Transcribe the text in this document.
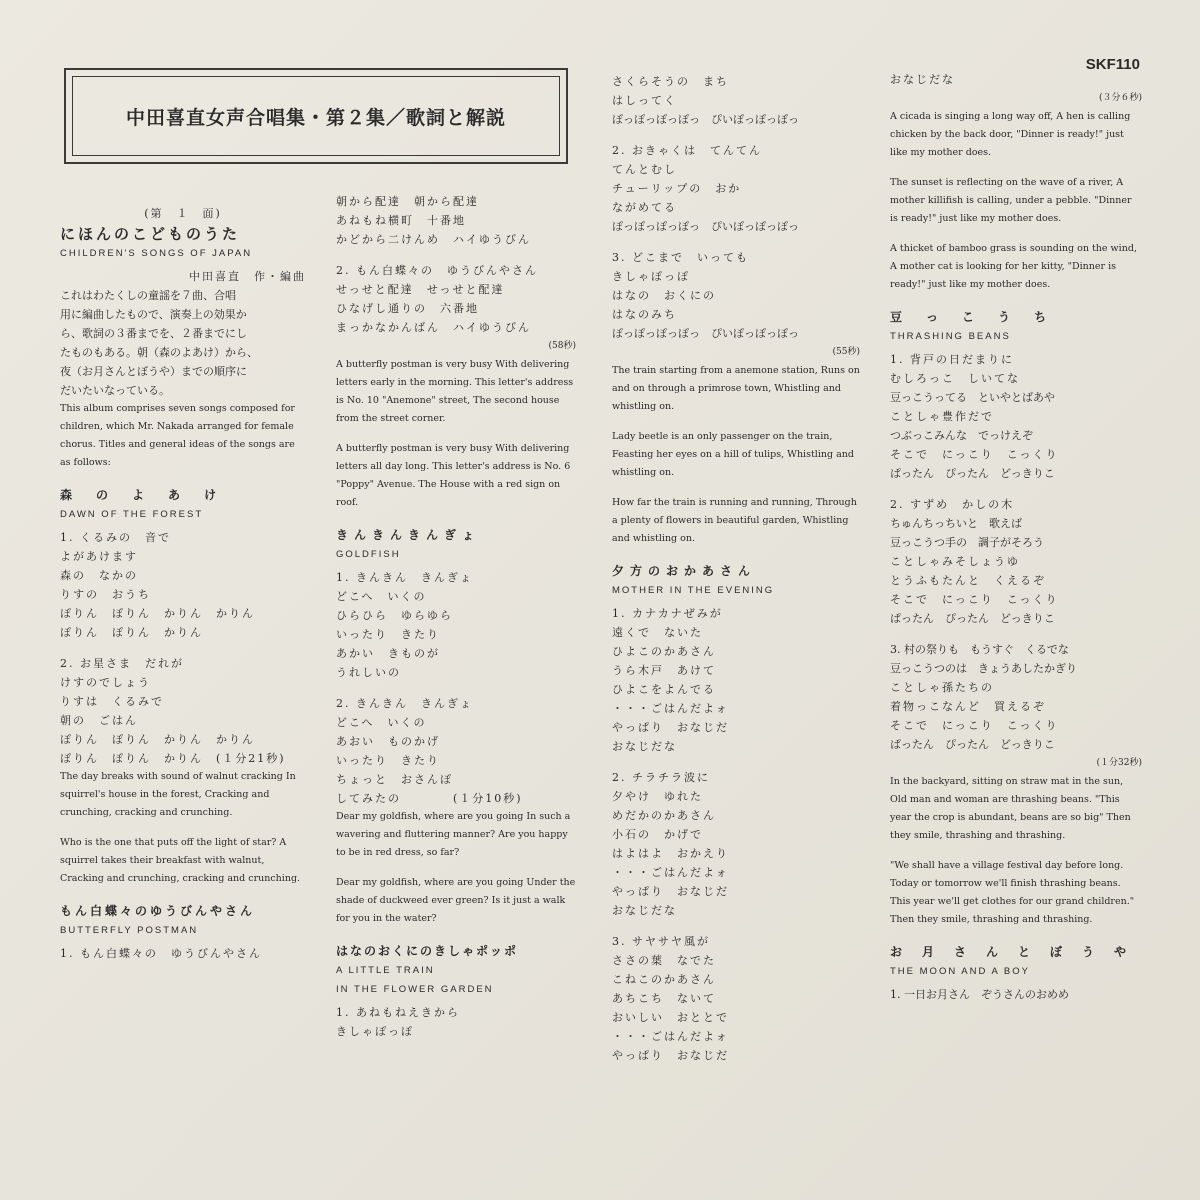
中田喜直女声合唱集・第２集／歌詞と解説
SKF110
(第　１　面)
にほんのこどものうた
CHILDREN'S SONGS OF JAPAN
中田喜直　作・編曲
これはわたくしの童謡を７曲、合唱
用に編曲したもので、演奏上の効果か
ら、歌詞の３番までを、２番までにし
たものもある。朝（森のよあけ）から、
夜（お月さんとぼうや）までの順序に
だいたいなっている。
This album comprises seven songs composed for children, which Mr. Nakada arranged for female chorus. Titles and general ideas of the songs are as follows:
森　の　よ　あ　け
DAWN OF THE FOREST
1. くるみの　音で
よがあけます
森の　なかの
りすの　おうち
ぽりん　ぽりん　かりん　かりん
ぽりん　ぽりん　かりん
2. お星さま　だれが
けすのでしょう
りすは　くるみで
朝の　ごはん
ぽりん　ぽりん　かりん　かりん
ぽりん　ぽりん　かりん　(１分21秒)
The day breaks with sound of walnut cracking In squirrel's house in the forest, Cracking and crunching, cracking and crunching.
Who is the one that puts off the light of star? A squirrel takes their breakfast with walnut, Cracking and crunching, cracking and crunching.
もん白蝶々のゆうびんやさん
BUTTERFLY POSTMAN
1. もん白蝶々の　ゆうびんやさん
朝から配達　朝から配達
あねもね横町　十番地
かどから二けんめ　ハイゆうびん
2. もん白蝶々の　ゆうびんやさん
せっせと配達　せっせと配達
ひなげし通りの　六番地
まっかなかんばん　ハイゆうびん
(58秒)
A butterfly postman is very busy With delivering letters early in the morning. This letter's address is No. 10 "Anemone" street, The second house from the street corner.
A butterfly postman is very busy With delivering letters all day long. This letter's address is No. 6 "Poppy" Avenue. The House with a red sign on roof.
きんきんきんぎょ
GOLDFISH
1. きんきん　きんぎょ
どこへ　いくの
ひらひら　ゆらゆら
いったり　きたり
あかい　きものが
うれしいの
2. きんきん　きんぎょ
どこへ　いくの
あおい　ものかげ
いったり　きたり
ちょっと　おさんぽ
してみたの　　　　(１分10秒)
Dear my goldfish, where are you going In such a wavering and fluttering manner? Are you happy to be in red dress, so far?
Dear my goldfish, where are you going Under the shade of duckweed ever green? Is it just a walk for you in the water?
はなのおくにのきしゃポッポ
A LITTLE TRAIN
IN THE FLOWER GARDEN
1. あねもねえきから
きしゃぽっぽ
さくらそうの　まち
はしってく
ぽっぽっぽっぽっ　ぴいぽっぽっぽっ
2. おきゃくは　てんてん
てんとむし
チューリップの　おか
ながめてる
ぽっぽっぽっぽっ　ぴいぽっぽっぽっ
3. どこまで　いっても
きしゃぽっぽ
はなの　おくにの
はなのみち
ぽっぽっぽっぽっ　ぴいぽっぽっぽっ
(55秒)
The train starting from a anemone station, Runs on and on through a primrose town, Whistling and whistling on.
Lady beetle is an only passenger on the train, Feasting her eyes on a hill of tulips, Whistling and whistling on.
How far the train is running and running, Through a plenty of flowers in beautiful garden, Whistling and whistling on.
夕方のおかあさん
MOTHER IN THE EVENING
1. カナカナぜみが
遠くで　ないた
ひよこのかあさん
うら木戸　あけて
ひよこをよんでる
・・・ごはんだよォ
やっぱり　おなじだ
おなじだな
2. チラチラ波に
夕やけ　ゆれた
めだかのかあさん
小石の　かげで
はよはよ　おかえり
・・・ごはんだよォ
やっぱり　おなじだ
おなじだな
3. サヤサヤ風が
ささの葉　なでた
こねこのかあさん
あちこち　ないて
おいしい　おととで
・・・ごはんだよォ
やっぱり　おなじだ
おなじだな
(３分６秒)
A cicada is singing a long way off, A hen is calling chicken by the back door, "Dinner is ready!" just like my mother does.
The sunset is reflecting on the wave of a river, A mother killifish is calling, under a pebble. "Dinner is ready!" just like my mother does.
A thicket of bamboo grass is sounding on the wind, A mother cat is looking for her kitty, "Dinner is ready!" just like my mother does.
豆　っ　こ　う　ち
THRASHING BEANS
1. 背戸の日だまりに
むしろっこ　しいてな
豆っこうってる　といやとばあや
ことしゃ豊作だで
つぶっこみんな　でっけえぞ
そこで　にっこり　こっくり
ぱったん　ぴったん　どっきりこ
2. すずめ　かしの木
ちゅんちっちいと　歌えば
豆っこうつ手の　調子がそろう
ことしゃみそしょうゆ
とうふもたんと　くえるぞ
そこで　にっこり　こっくり
ぱったん　ぴったん　どっきりこ
3. 村の祭りも　もうすぐ　くるでな
豆っこうつのは　きょうあしたかぎり
ことしゃ孫たちの
着物っこなんど　買えるぞ
そこで　にっこり　こっくり
ぱったん　ぴったん　どっきりこ
(１分32秒)
In the backyard, sitting on straw mat in the sun, Old man and woman are thrashing beans. "This year the crop is abundant, beans are so big" Then they smile, thrashing and thrashing.
"We shall have a village festival day before long. Today or tomorrow we'll finish thrashing beans. This year we'll get clothes for our grand children." Then they smile, thrashing and thrashing.
お　月　さ　ん　と　ぼ　う　や
THE MOON AND A BOY
1. 一日お月さん　ぞうさんのおめめ
